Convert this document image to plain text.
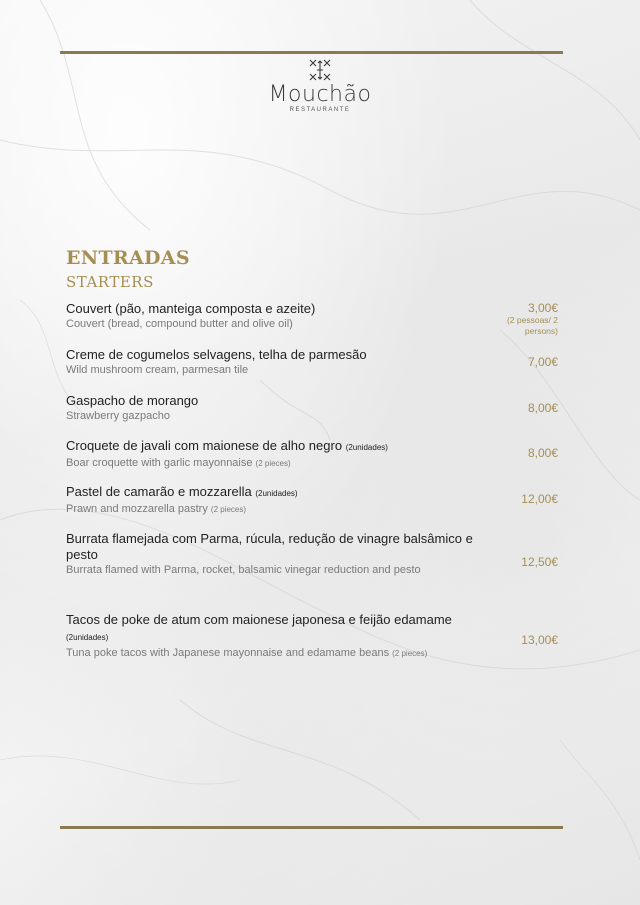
Mouchão
RESTAURANTE
ENTRADAS
STARTERS
Couvert (pão, manteiga composta e azeite)
Couvert (bread, compound butter and olive oil)
3,00€
(2 pessoas/ 2 persons)
Creme de cogumelos selvagens, telha de parmesão
Wild mushroom cream, parmesan tile
7,00€
Gaspacho de morango
Strawberry gazpacho
8,00€
Croquete de javali com maionese de alho negro (2unidades)
Boar croquette with garlic mayonnaise (2 pieces)
8,00€
Pastel de camarão e mozzarella (2unidades)
Prawn and mozzarella pastry (2 pieces)
12,00€
Burrata flamejada com Parma, rúcula, redução de vinagre balsâmico e pesto
Burrata flamed with Parma, rocket, balsamic vinegar reduction and pesto
12,50€
Tacos de poke de atum com maionese japonesa e feijão edamame (2unidades)
Tuna poke tacos with Japanese mayonnaise and edamame beans (2 pieces)
13,00€
